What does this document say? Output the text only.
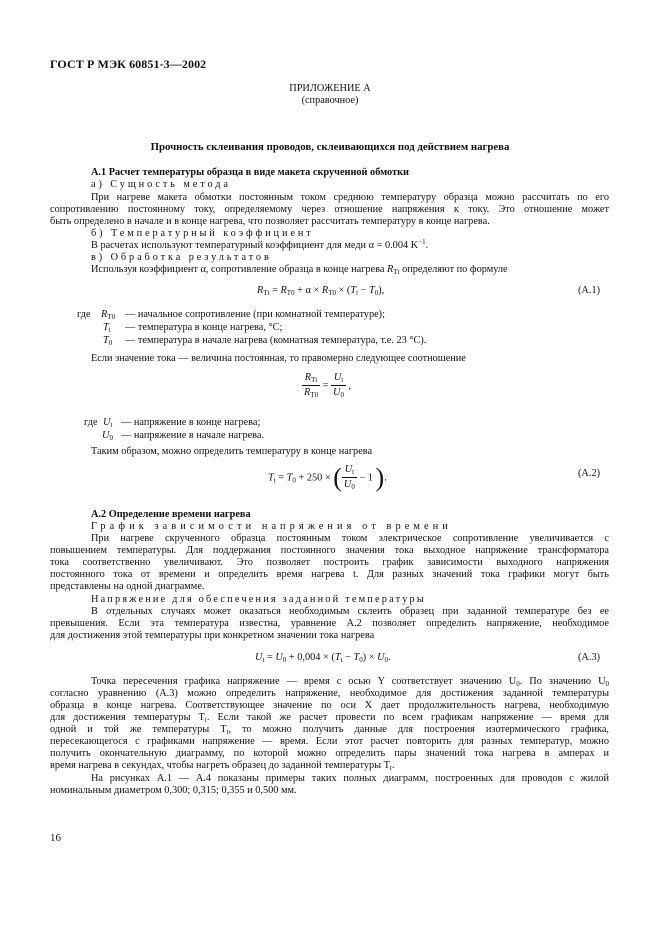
ГОСТ Р МЭК 60851-3—2002
ПРИЛОЖЕНИЕ А
(справочное)
Прочность склеивания проводов, склеивающихся под действием нагрева
А.1 Расчет температуры образца в виде макета скрученной обмотки
а) Сущность метода
При нагреве макета обмотки постоянным током среднюю температуру образца можно рассчитать по его
сопротивлению постоянному току, определяемому через отношение напряжения к току. Это отношение может
быть определено в начале и в конце нагрева, что позволяет рассчитать температуру в конце нагрева.
б) Температурный коэффициент
В расчетах используют температурный коэффициент для меди α = 0.004 $K^{-1}$.
в) Обработка результатов
Используя коэффициент α, сопротивление образца в конце нагрева $R_{Tt}$ определяют по формуле
$R_{Tt} = R_{T0} + \alpha \times R_{T0} \times (T_t - T_0)$,	(А.1)
где $R_{T0}$ — начальное сопротивление (при комнатной температуре);
$T_t$ — температура в конце нагрева, °С;
$T_0$ — температура в начале нагрева (комнатная температура, т.е. 23 °С).
Если значение тока — величина постоянная, то правомерно следующее соотношение
$\frac{R_{Tt}}{R_{T0}} = \frac{U_t}{U_0}$ ,
где $U_t$ — напряжение в конце нагрева;
$U_0$ — напряжение в начале нагрева.
Таким образом, можно определить температуру в конце нагрева
$T_t = T_0 + 250$ × ( $\frac{U_t}{U_0} - 1$ ).	(А.2)
А.2 Определение времени нагрева
График зависимости напряжения от времени
При нагреве скрученного образца постоянным током электрическое сопротивление увеличивается с
повышением температуры. Для поддержания постоянного значения тока выходное напряжение трансформатора
тока соответственно увеличивают. Это позволяет построить график зависимости выходного напряжения
постоянного тока от времени и определить время нагрева t. Для разных значений тока графики могут быть
представлены на одной диаграмме.
Напряжение для обеспечения заданной температуры
В отдельных случаях может оказаться необходимым склеить образец при заданной температуре без ее
превышения. Если эта температура известна, уравнение А.2 позволяет определить напряжение, необходимое
для достижения этой температуры при конкретном значении тока нагрева
$U_t = U_0 + 0,004 \times (T_t - T_0) \times U_0$.	(А.3)
Точка пересечения графика напряжение — время с осью Y соответствует значению $U_0$. По значению $U_0$
согласно уравнению (А.3) можно определить напряжение, необходимое для достижения заданной температуры
образца в конце нагрева. Соответствующее значение по оси X дает продолжительность нагрева, необходимую
для достижения температуры $T_t$. Если такой же расчет провести по всем графикам напряжение — время для
одной и той же температуры $T_t$, то можно получить данные для построения изотермического графика,
пересекающегося с графиками напряжение — время. Если этот расчет повторить для разных температур, можно
получить окончательную диаграмму, по которой можно определить пары значений тока нагрева в амперах и
время нагрева в секундах, чтобы нагреть образец до заданной температуры $T_t$.
На рисунках А.1 — А.4 показаны примеры таких полных диаграмм, построенных для проводов с жилой
номинальным диаметром 0,300; 0,315; 0,355 и 0,500 мм.
16
